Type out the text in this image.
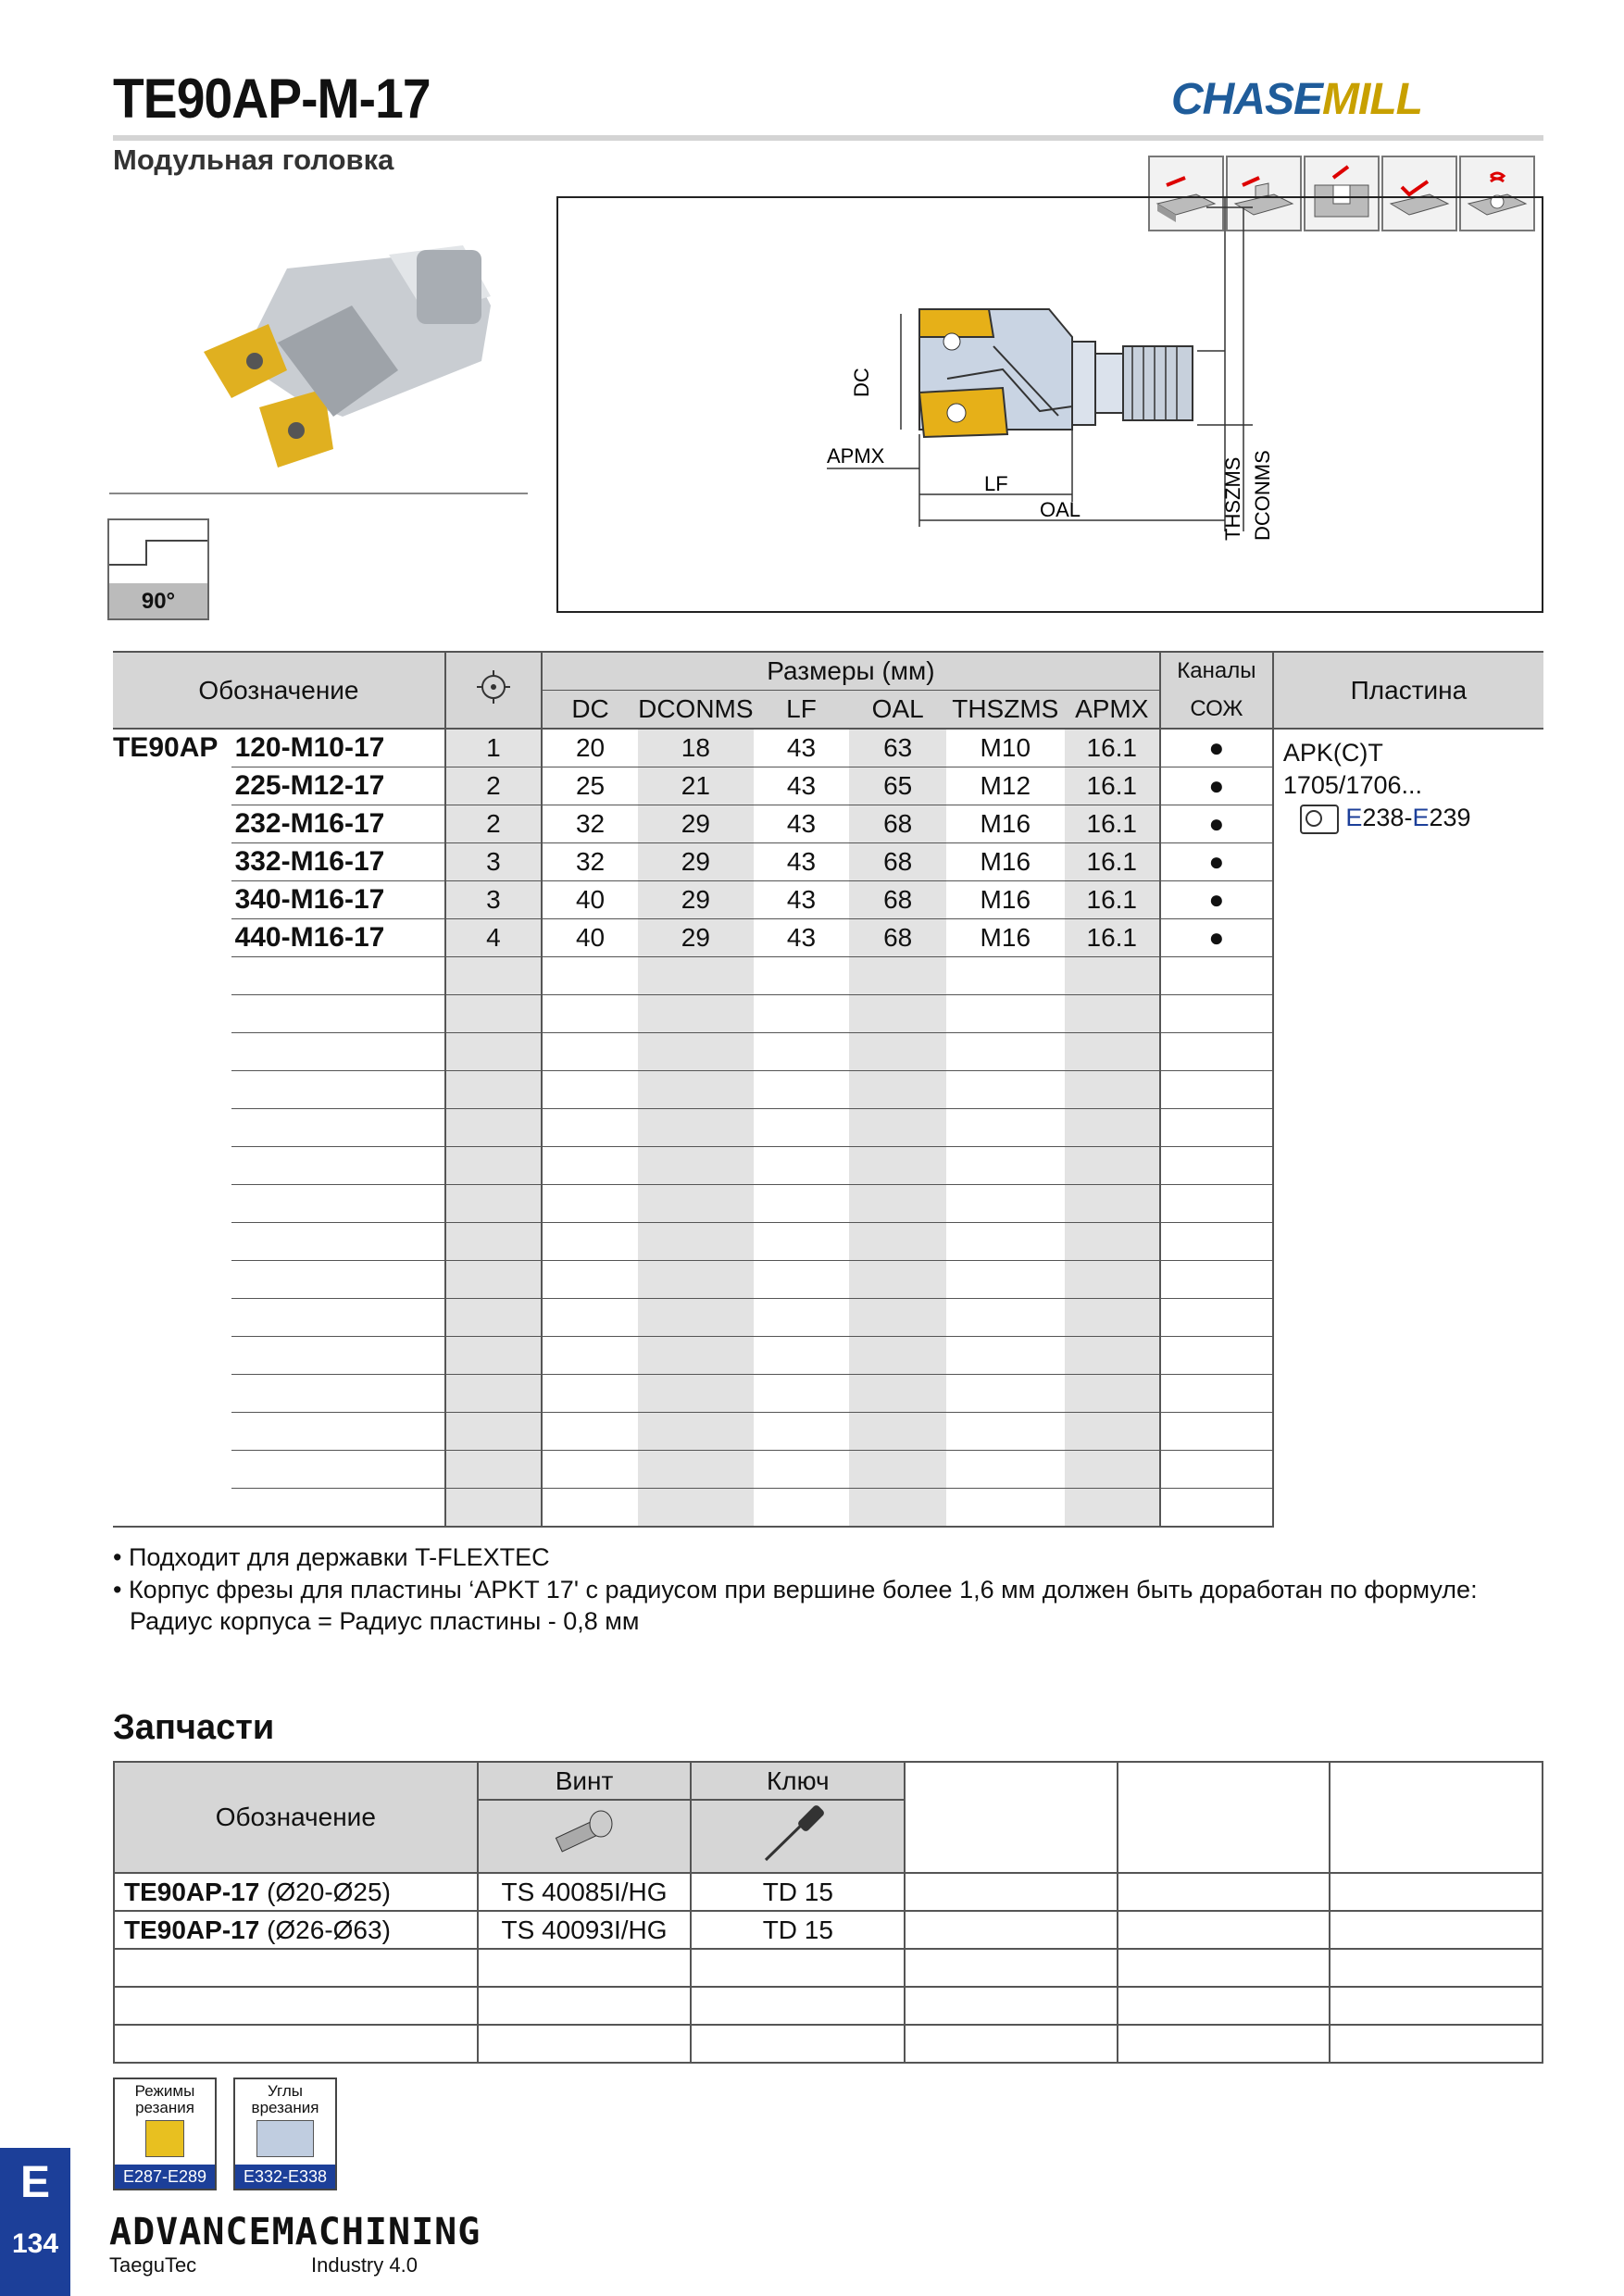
TE90AP-M-17
Модульная головка
CHASEMILL
90°
DC
APMX
LF
OAL	THSZMS DCONMS
Обозначение			Размеры (мм)						Каналы	Пластина
			DC	DCONMS	LF	OAL	THSZMS	APMX	СОЖ	
TE90AP	120-M10-17	1	20	18	43	63	M10	16.1	●	APK(C)T
1705/1706...
E238-E239

	225-M12-17	2	25	21	43	65	M12	16.1	●	
	232-M16-17	2	32	29	43	68	M16	16.1	●	
	332-M16-17	3	32	29	43	68	M16	16.1	●	
	340-M16-17	3	40	29	43	68	M16	16.1	●	
	440-M16-17	4	40	29	43	68	M16	16.1	●	

• Подходит для державки T-FLEXTEC
• Корпус фрезы для пластины ‘APKT 17' с радиусом при вершине более 1,6 мм должен быть доработан по формуле:
Радиус корпуса = Радиус пластины - 0,8 мм
Запчасти
Обозначение	Винт	Ключ			

TE90AP-17 (Ø20-Ø25)	TS 40085I/HG	TD 15			
TE90AP-17 (Ø26-Ø63)	TS 40093I/HG	TD 15			

Режимы
резания
E287-E289
Углы
врезания
E332-E338
E
134	ADVANCEMACHINING
TaeguTec	Industry 4.0
